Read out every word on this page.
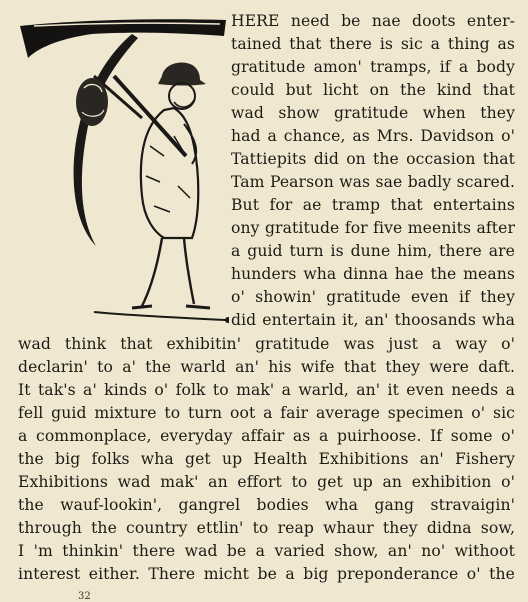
HERE need be nae doots enter-
tained that there is sic a thing as
gratitude amon' tramps, if a body
could but licht on the kind that
wad show gratitude when they
had a chance, as Mrs. Davidson o'
Tattiepits did on the occasion that
Tam Pearson was sae badly scared.
But for ae tramp that entertains
ony gratitude for five meenits after
a guid turn is dune him, there are
hunders wha dinna hae the means
o' showin' gratitude even if they
did entertain it, an' thoosands wha
wad think that exhibitin' gratitude was just a way o'
declarin' to a' the warld an' his wife that they were daft.
It tak's a' kinds o' folk to mak' a warld, an' it even needs a
fell guid mixture to turn oot a fair average specimen o' sic
a commonplace, everyday affair as a puirhoose. If some o'
the big folks wha get up Health Exhibitions an' Fishery
Exhibitions wad mak' an effort to get up an exhibition o'
the wauf-lookin', gangrel bodies wha gang stravaigin'
through the country ettlin' to reap whaur they didna sow,
I 'm thinkin' there wad be a varied show, an' no' withoot
interest either. There micht be a big preponderance o' the
32
